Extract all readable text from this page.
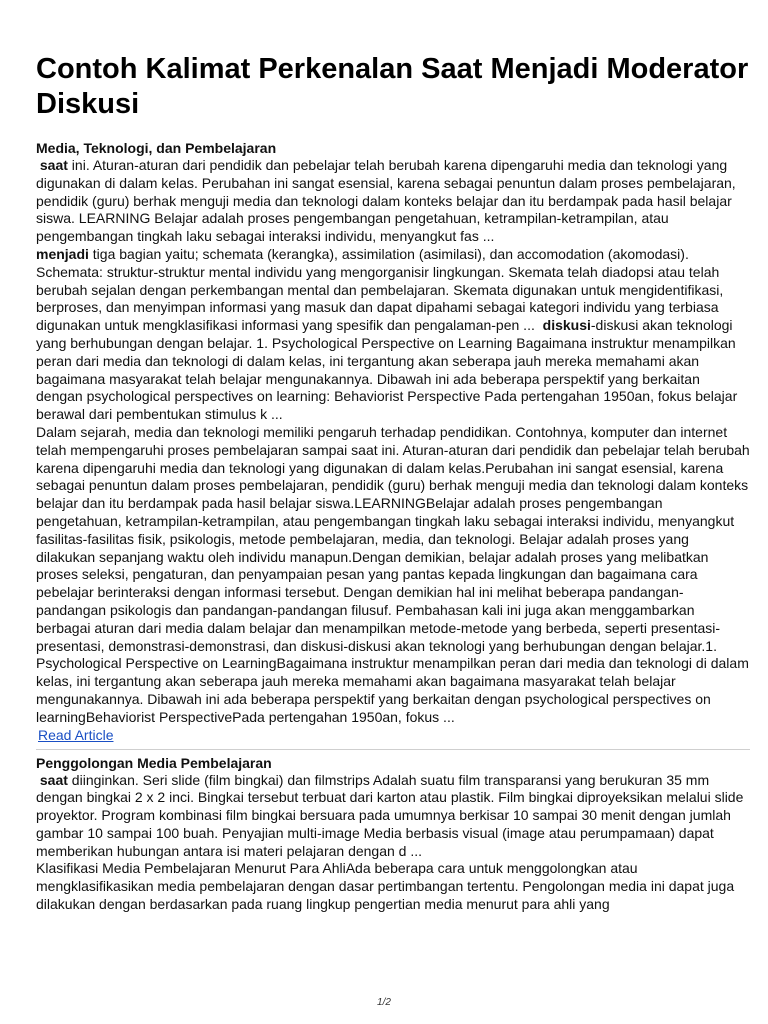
Contoh Kalimat Perkenalan Saat Menjadi Moderator Diskusi
Media, Teknologi, dan Pembelajaran

saat ini. Aturan-aturan dari pendidik dan pebelajar telah berubah karena dipengaruhi media dan teknologi yang digunakan di dalam kelas. Perubahan ini sangat esensial, karena sebagai penuntun dalam proses pembelajaran, pendidik (guru) berhak menguji media dan teknologi dalam konteks belajar dan itu berdampak pada hasil belajar siswa. LEARNING Belajar adalah proses pengembangan pengetahuan, ketrampilan-ketrampilan, atau pengembangan tingkah laku sebagai interaksi individu, menyangkut fas ...
menjadi tiga bagian yaitu; schemata (kerangka), assimilation (asimilasi), dan accomodation (akomodasi). Schemata: struktur-struktur mental individu yang mengorganisir lingkungan. Skemata telah diadopsi atau telah berubah sejalan dengan perkembangan mental dan pembelajaran. Skemata digunakan untuk mengidentifikasi, berproses, dan menyimpan informasi yang masuk dan dapat dipahami sebagai kategori individu yang terbiasa digunakan untuk mengklasifikasi informasi yang spesifik dan pengalaman-pen ... diskusi-diskusi akan teknologi yang berhubungan dengan belajar. 1. Psychological Perspective on Learning Bagaimana instruktur menampilkan peran dari media dan teknologi di dalam kelas, ini tergantung akan seberapa jauh mereka memahami akan bagaimana masyarakat telah belajar mengunakannya. Dibawah ini ada beberapa perspektif yang berkaitan dengan psychological perspectives on learning: Behaviorist Perspective Pada pertengahan 1950an, fokus belajar berawal dari pembentukan stimulus k ...

Dalam sejarah, media dan teknologi memiliki pengaruh terhadap pendidikan. Contohnya, komputer dan internet telah mempengaruhi proses pembelajaran sampai saat ini. Aturan-aturan dari pendidik dan pebelajar telah berubah karena dipengaruhi media dan teknologi yang digunakan di dalam kelas.Perubahan ini sangat esensial, karena sebagai penuntun dalam proses pembelajaran, pendidik (guru) berhak menguji media dan teknologi dalam konteks belajar dan itu berdampak pada hasil belajar siswa.LEARNINGBelajar adalah proses pengembangan pengetahuan, ketrampilan-ketrampilan, atau pengembangan tingkah laku sebagai interaksi individu, menyangkut fasilitas-fasilitas fisik, psikologis, metode pembelajaran, media, dan teknologi. Belajar adalah proses yang dilakukan sepanjang waktu oleh individu manapun.Dengan demikian, belajar adalah proses yang melibatkan proses seleksi, pengaturan, dan penyampaian pesan yang pantas kepada lingkungan dan bagaimana cara pebelajar berinteraksi dengan informasi tersebut. Dengan demikian hal ini melihat beberapa pandangan-pandangan psikologis dan pandangan-pandangan filusuf. Pembahasan kali ini juga akan menggambarkan berbagai aturan dari media dalam belajar dan menampilkan metode-metode yang berbeda, seperti presentasi-presentasi, demonstrasi-demonstrasi, dan diskusi-diskusi akan teknologi yang berhubungan dengan belajar.1. Psychological Perspective on LearningBagaimana instruktur menampilkan peran dari media dan teknologi di dalam kelas, ini tergantung akan seberapa jauh mereka memahami akan bagaimana masyarakat telah belajar mengunakannya. Dibawah ini ada beberapa perspektif yang berkaitan dengan psychological perspectives on learningBehaviorist PerspectivePada pertengahan 1950an, fokus ...

Read Article
Penggolongan Media Pembelajaran

saat diinginkan. Seri slide (film bingkai) dan filmstrips Adalah suatu film transparansi yang berukuran 35 mm dengan bingkai 2 x 2 inci. Bingkai tersebut terbuat dari karton atau plastik. Film bingkai diproyeksikan melalui slide proyektor. Program kombinasi film bingkai bersuara pada umumnya berkisar 10 sampai 30 menit dengan jumlah gambar 10 sampai 100 buah. Penyajian multi-image Media berbasis visual (image atau perumpamaan) dapat memberikan hubungan antara isi materi pelajaran dengan d ...

Klasifikasi Media Pembelajaran Menurut Para AhliAda beberapa cara untuk menggolongkan atau mengklasifikasikan media pembelajaran dengan dasar pertimbangan tertentu. Pengolongan media ini dapat juga dilakukan dengan berdasarkan pada ruang lingkup pengertian media menurut para ahli yang

1/2
